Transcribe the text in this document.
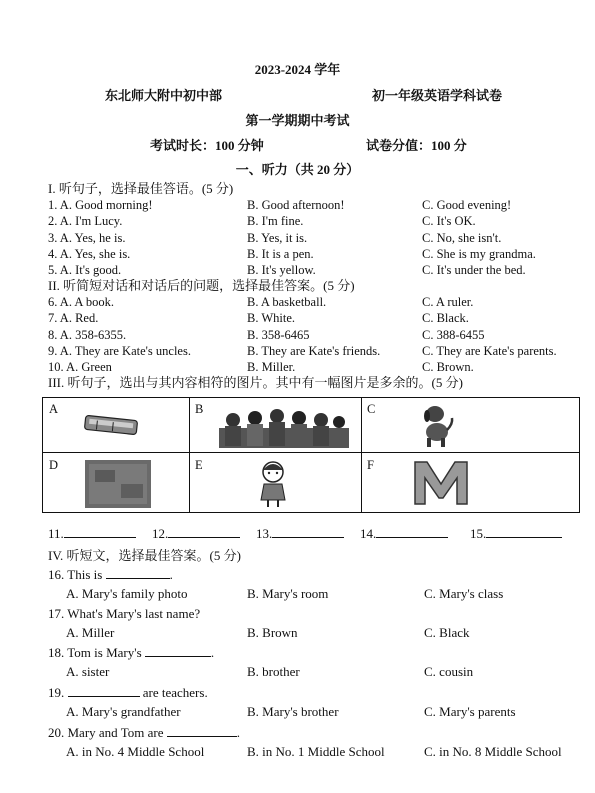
2023-2024 学年
东北师大附中初中部	初一年级英语学科试卷
第一学期期中考试
考试时长：100 分钟	试卷分值：100 分
一、听力（共 20 分）
I. 听句子，选择最佳答语。(5 分)
1. A. Good morning!	B. Good afternoon!	C. Good evening!
2. A. I'm Lucy.	B. I'm fine.	C. It's OK.
3. A. Yes, he is.	B. Yes, it is.	C. No, she isn't.
4. A. Yes, she is.	B. It is a pen.	C. She is my grandma.
5. A. It's good.	B. It's yellow.	C. It's under the bed.
II. 听简短对话和对话后的问题，选择最佳答案。(5 分)
6. A. A book.	B. A basketball.	C. A ruler.
7. A. Red.	B. White.	C. Black.
8. A. 358-6355.	B. 358-6465	C. 388-6455
9. A. They are Kate's uncles.	B. They are Kate's friends.	C. They are Kate's parents.
10. A. Green	B. Miller.	C. Brown.
III. 听句子，选出与其内容相符的图片。其中有一幅图片是多余的。(5 分)
A	B	C
D	E	F
11.	12.	13.	14.	15.
IV. 听短文，选择最佳答案。(5 分)
16. This is	.
A. Mary's family photo	B. Mary's room	C. Mary's class
17. What's Mary's last name?
A. Miller	B. Brown	C. Black
18. Tom is Mary's	.
A. sister	B. brother	C. cousin
19.	are teachers.
A. Mary's grandfather	B. Mary's brother	C. Mary's parents
20. Mary and Tom are	.
A. in No. 4 Middle School	B. in No. 1 Middle School	C. in No. 8 Middle School
